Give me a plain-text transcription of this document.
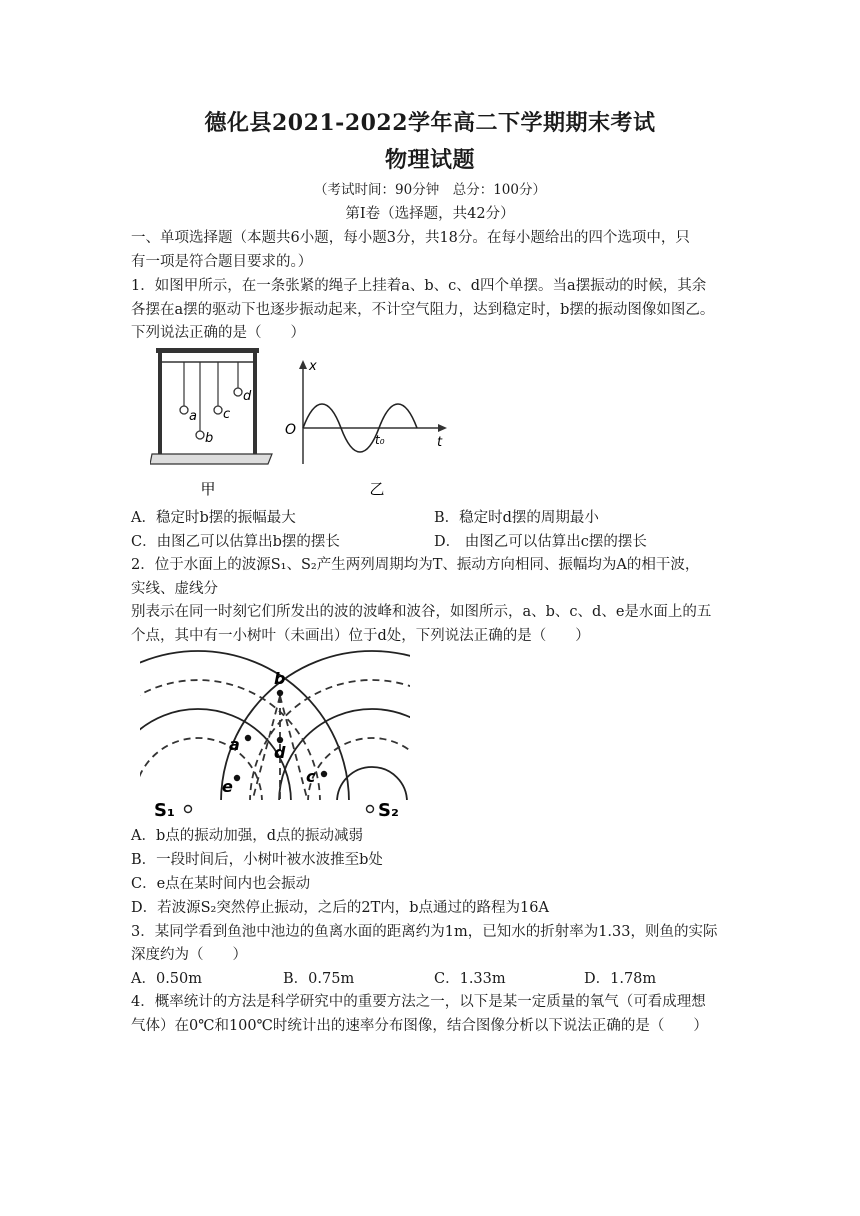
德化县2021-2022学年高二下学期期末考试
物理试题
（考试时间：90分钟　总分：100分）
第Ⅰ卷（选择题，共42分）
一、单项选择题（本题共6小题，每小题3分，共18分。在每小题给出的四个选项中，只
有一项是符合题目要求的。）
1．如图甲所示，在一条张紧的绳子上挂着a、b、c、d四个单摆。当a摆振动的时候，其余
各摆在a摆的驱动下也逐步振动起来，不计空气阻力，达到稳定时，b摆的振动图像如图乙。
下列说法正确的是（　　）
a
b
c
d
甲
x
t
O
t₀
乙
A．稳定时b摆的振幅最大	B．稳定时d摆的周期最小
C．由图乙可以估算出b摆的摆长	D． 由图乙可以估算出c摆的摆长
2．位于水面上的波源S₁、S₂产生两列周期均为T、振动方向相同、振幅均为A的相干波，
实线、虚线分
别表示在同一时刻它们所发出的波的波峰和波谷，如图所示，a、b、c、d、e是水面上的五
个点，其中有一小树叶（未画出）位于d处，下列说法正确的是（　　）
b
a d
c
e
S₁	S₂
A．b点的振动加强，d点的振动减弱
B．一段时间后，小树叶被水波推至b处
C．e点在某时间内也会振动
D．若波源S₂突然停止振动，之后的2T内，b点通过的路程为16A
3．某同学看到鱼池中池边的鱼离水面的距离约为1m，已知水的折射率为1.33，则鱼的实际
深度约为（　　）
A．0.50m	B．0.75m	C．1.33m	D．1.78m
4．概率统计的方法是科学研究中的重要方法之一，以下是某一定质量的氧气（可看成理想
气体）在0℃和100℃时统计出的速率分布图像，结合图像分析以下说法正确的是（　　）
